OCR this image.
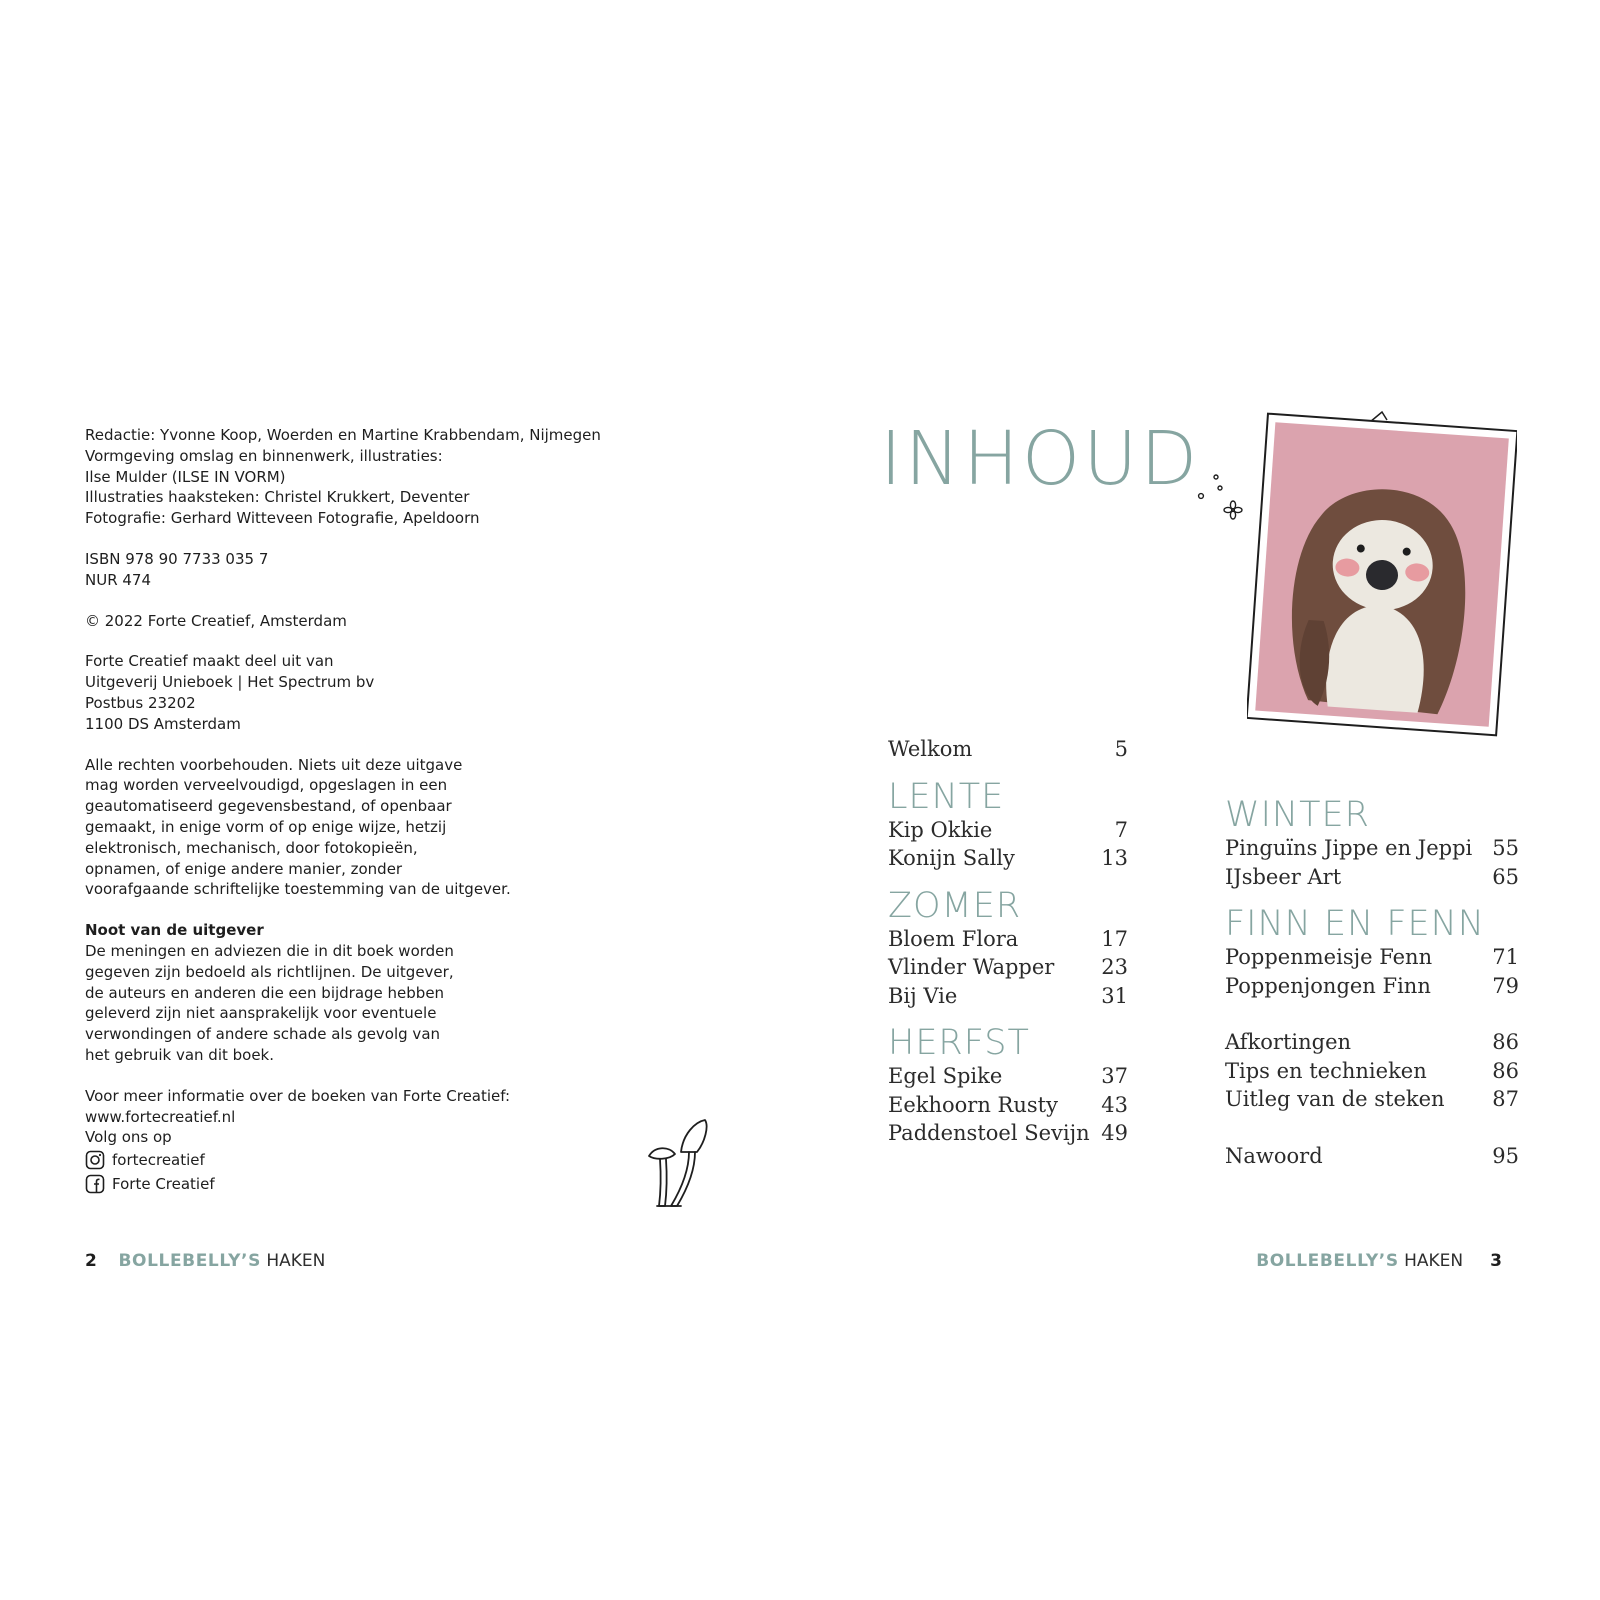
Redactie: Yvonne Koop, Woerden en Martine Krabbendam, Nijmegen
Vormgeving omslag en binnenwerk, illustraties:
Ilse Mulder (ILSE IN VORM)
Illustraties haaksteken: Christel Krukkert, Deventer
Fotografie: Gerhard Witteveen Fotografie, Apeldoorn
ISBN 978 90 7733 035 7
NUR 474
© 2022 Forte Creatief, Amsterdam
Forte Creatief maakt deel uit van
Uitgeverij Unieboek | Het Spectrum bv
Postbus 23202
1100 DS Amsterdam
Alle rechten voorbehouden. Niets uit deze uitgave
mag worden verveelvoudigd, opgeslagen in een
geautomatiseerd gegevensbestand, of openbaar
gemaakt, in enige vorm of op enige wijze, hetzij
elektronisch, mechanisch, door fotokopieën,
opnamen, of enige andere manier, zonder
voorafgaande schriftelijke toestemming van de uitgever.
Noot van de uitgever
De meningen en adviezen die in dit boek worden
gegeven zijn bedoeld als richtlijnen. De uitgever,
de auteurs en anderen die een bijdrage hebben
geleverd zijn niet aansprakelijk voor eventuele
verwondingen of andere schade als gevolg van
het gebruik van dit boek.
Voor meer informatie over de boeken van Forte Creatief:
www.fortecreatief.nl
Volg ons op
fortecreatief
Forte Creatief
2 BOLLEBELLY’S HAKEN
INHOUD
Welkom	5
LENTE
Kip Okkie	7
Konijn Sally	13
ZOMER
Bloem Flora	17
Vlinder Wapper 23
Bij Vie	31
HERFST
Egel Spike	37
Eekhoorn Rusty 43
Paddenstoel Sevijn 49
WINTER
Pinguïns Jippe en Jeppi 55
IJsbeer Art	65
FINN EN FENN
Poppenmeisje Fenn	71
Poppenjongen Finn	79
Afkortingen	86
Tips en technieken	86
Uitleg van de steken 87
Nawoord	95
BOLLEBELLY’S HAKEN 3
